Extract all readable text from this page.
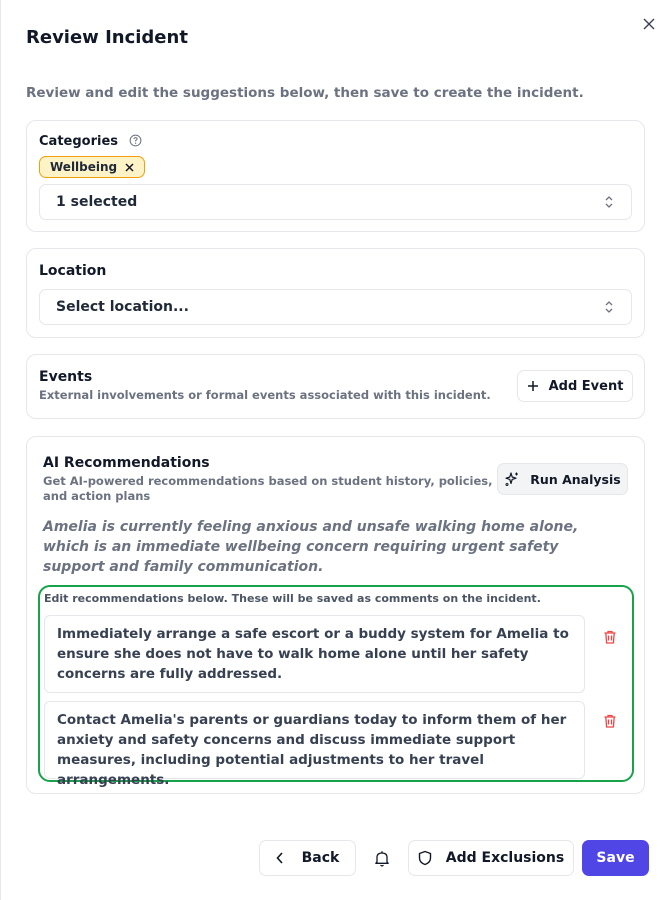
Review Incident
Review and edit the suggestions below, then save to create the incident.
Categories
Wellbeing
1 selected
Location
Select location...
Events
External involvements or formal events associated with this incident.
Add Event
AI Recommendations
Get AI-powered recommendations based on student history, policies, and action plans
Run Analysis
Amelia is currently feeling anxious and unsafe walking home alone, which is an immediate wellbeing concern requiring urgent safety support and family communication.
Edit recommendations below. These will be saved as comments on the incident.
Immediately arrange a safe escort or a buddy system for Amelia to ensure she does not have to walk home alone until her safety concerns are fully addressed.
Contact Amelia's parents or guardians today to inform them of her anxiety and safety concerns and discuss immediate support measures, including potential adjustments to her travel arrangements.
Back	Add Exclusions	Save
